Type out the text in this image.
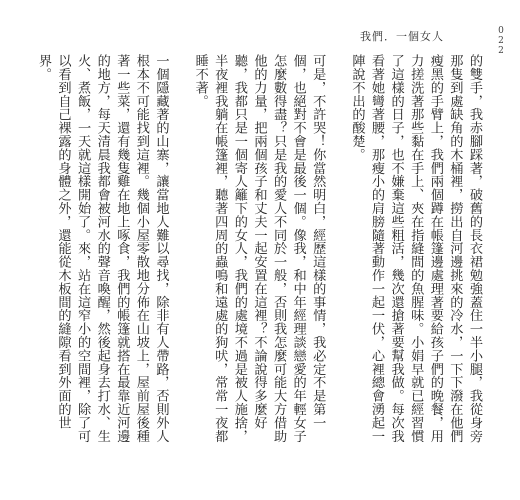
我們．一個女人	022

的雙手，我赤腳踩著，破舊的長衣裙勉強蓋住一半小腿，我從身旁那隻到處缺角的木桶裡，撈出自河邊挑來的冷水，一下下潑在他們瘦黑的手臂上，我們兩個蹲在帳篷邊處理著要給孩子們的晚餐，用力搓洗著那些黏在手上、夾在指縫間的魚腥味。小娟早就已經習慣了這樣的日子，也不嫌棄這些粗活，幾次還搶著要幫我做。每次我看著她彎著腰，那瘦小的肩膀隨著動作一起一伏，心裡總會湧起一陣說不出的酸楚。

可是，不許哭！你當然明白，經歷這樣的事情，我必定不是第一個，也絕對不會是最後一個。像我，和中年經理談戀愛的年輕女子怎麼數得盡？只是我的愛人不同於一般，否則我怎麼可能大方借助他的力量，把兩個孩子和丈夫一起安置在這裡？不論說得多麼好聽，我都只是一個寄人籬下的女人，我們的處境不過是被人施捨，半夜裡我躺在帳篷裡，聽著四周的蟲鳴和遠處的狗吠，常常一夜都睡不著。

一個隱藏著的山寨，讓當地人難以尋找，除非有人帶路，否則外人根本不可能找到這裡。幾個小屋零散地分佈在山坡上，屋前屋後種著一些菜，還有幾隻雞在地上啄食，我們的帳篷就搭在最靠近河邊的地方，每天清晨我都會被河水的聲音喚醒，然後起身去打水、生火、煮飯，一天就這樣開始了。來，站在這窄小的空間裡，除了可以看到自己裸露的身體之外，還能從木板間的縫隙看到外面的世界。
